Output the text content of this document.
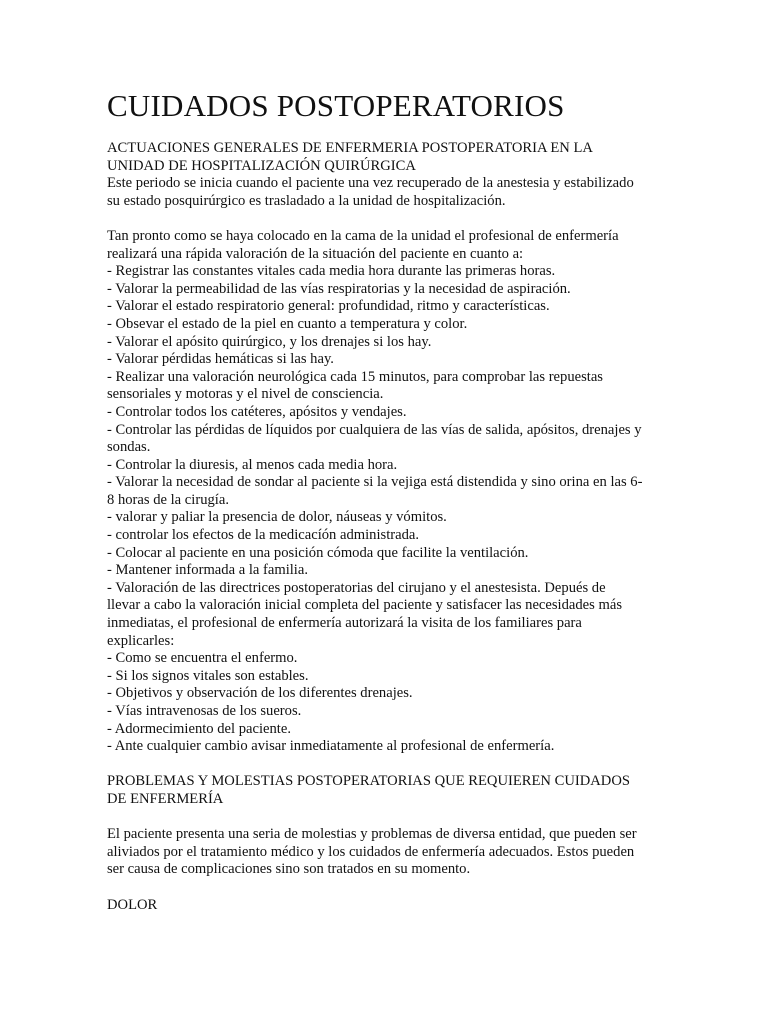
CUIDADOS POSTOPERATORIOS
ACTUACIONES GENERALES DE ENFERMERIA POSTOPERATORIA EN LA
UNIDAD DE HOSPITALIZACIÓN QUIRÚRGICA
Este periodo se inicia cuando el paciente una vez recuperado de la anestesia y estabilizado
su estado posquirúrgico es trasladado a la unidad de hospitalización.
Tan pronto como se haya colocado en la cama de la unidad el profesional de enfermería
realizará una rápida valoración de la situación del paciente en cuanto a:
- Registrar las constantes vitales cada media hora durante las primeras horas.
- Valorar la permeabilidad de las vías respiratorias y la necesidad de aspiración.
- Valorar el estado respiratorio general: profundidad, ritmo y características.
- Obsevar el estado de la piel en cuanto a temperatura y color.
- Valorar el apósito quirúrgico, y los drenajes si los hay.
- Valorar pérdidas hemáticas si las hay.
- Realizar una valoración neurológica cada 15 minutos, para comprobar las repuestas
sensoriales y motoras y el nivel de consciencia.
- Controlar todos los catéteres, apósitos y vendajes.
- Controlar las pérdidas de líquidos por cualquiera de las vías de salida, apósitos, drenajes y
sondas.
- Controlar la diuresis, al menos cada media hora.
- Valorar la necesidad de sondar al paciente si la vejiga está distendida y sino orina en las 6-
8 horas de la cirugía.
- valorar y paliar la presencia de dolor, náuseas y vómitos.
- controlar los efectos de la medicacíón administrada.
- Colocar al paciente en una posición cómoda que facilite la ventilación.
- Mantener informada a la familia.
- Valoración de las directrices postoperatorias del cirujano y el anestesista. Depués de
llevar a cabo la valoración inicial completa del paciente y satisfacer las necesidades más
inmediatas, el profesional de enfermería autorizará la visita de los familiares para
explicarles:
- Como se encuentra el enfermo.
- Si los signos vitales son estables.
- Objetivos y observación de los diferentes drenajes.
- Vías intravenosas de los sueros.
- Adormecimiento del paciente.
- Ante cualquier cambio avisar inmediatamente al profesional de enfermería.
PROBLEMAS Y MOLESTIAS POSTOPERATORIAS QUE REQUIEREN CUIDADOS
DE ENFERMERÍA
El paciente presenta una seria de molestias y problemas de diversa entidad, que pueden ser
aliviados por el tratamiento médico y los cuidados de enfermería adecuados. Estos pueden
ser causa de complicaciones sino son tratados en su momento.
DOLOR
